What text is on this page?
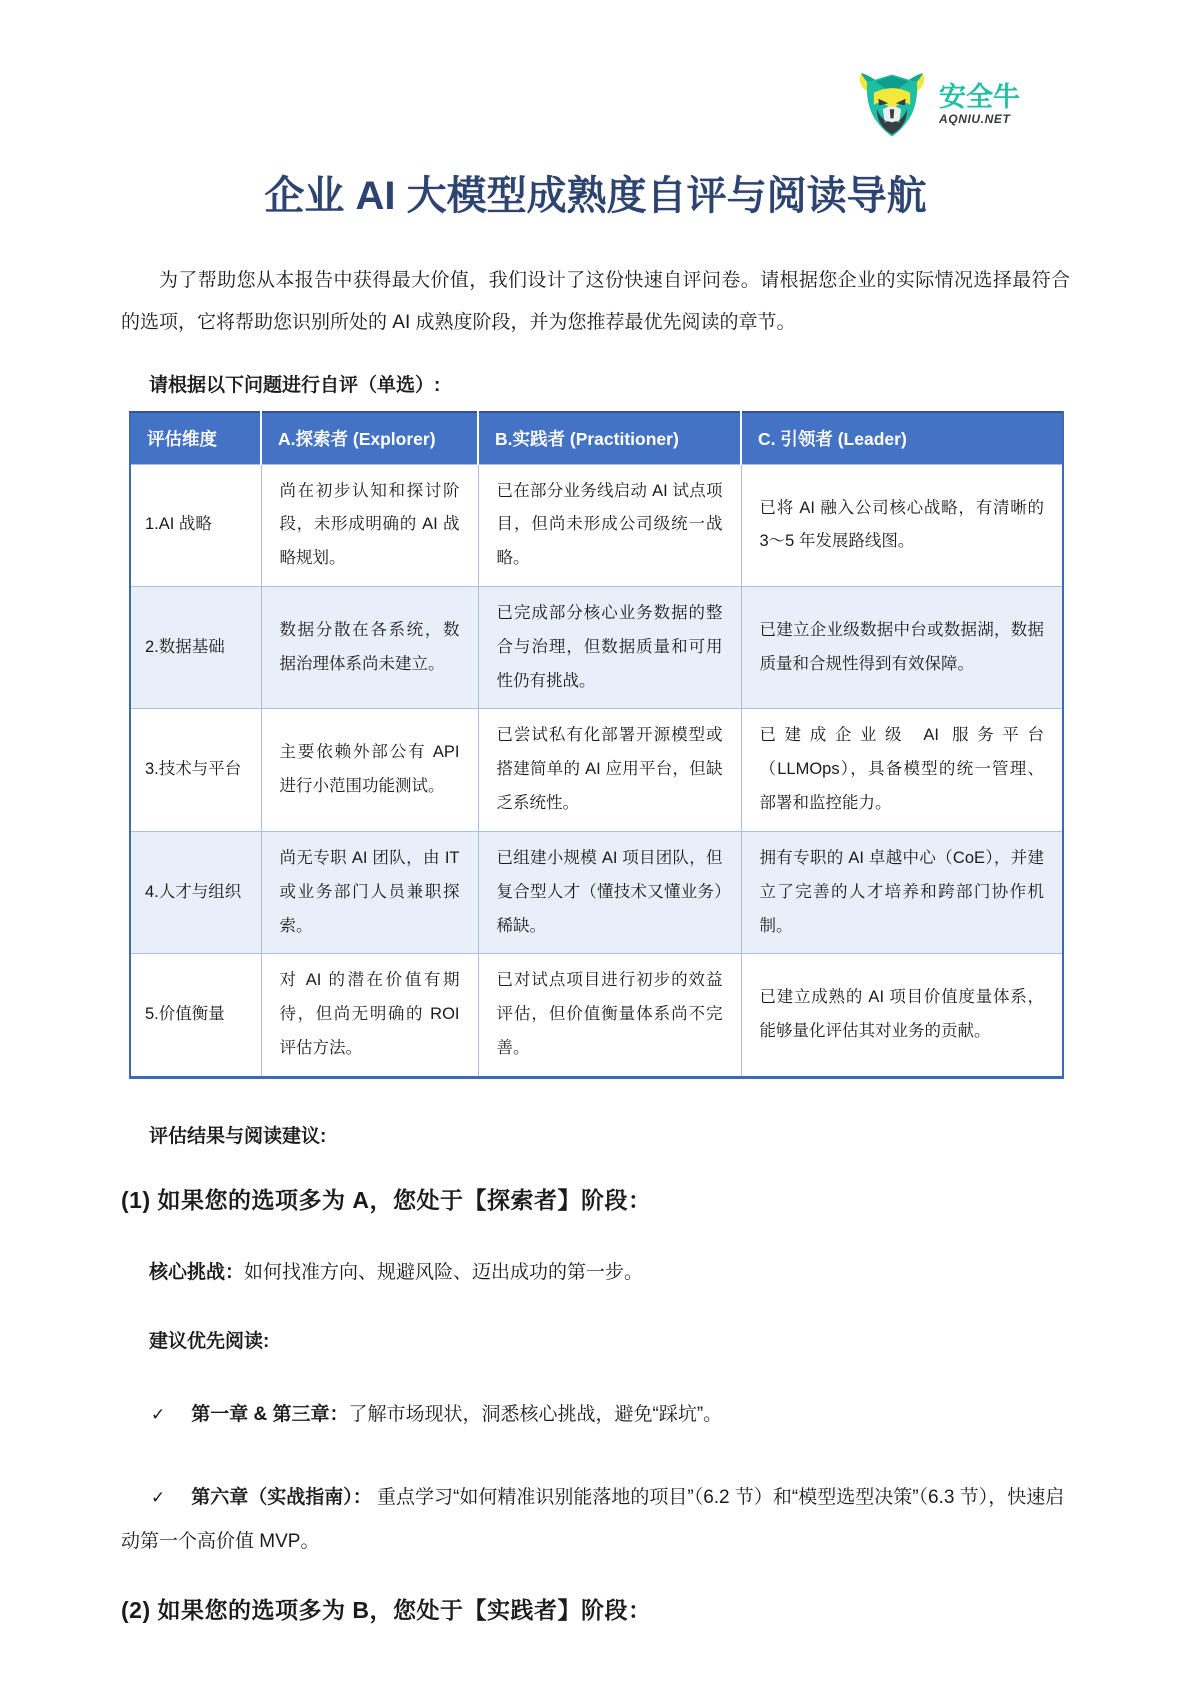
安全牛
AQNIU.NET
企业 AI 大模型成熟度自评与阅读导航

为了帮助您从本报告中获得最大价值，我们设计了这份快速自评问卷。请根据您企业的实际情况选择最符合的选项，它将帮助您识别所处的 AI 成熟度阶段，并为您推荐最优先阅读的章节。

请根据以下问题进行自评（单选）:

评估维度	A.探索者 (Explorer)	B.实践者 (Practitioner)	C. 引领者 (Leader)
1.AI 战略	尚在初步认知和探讨阶段，未形成明确的 AI 战略规划。	已在部分业务线启动 AI 试点项目，但尚未形成公司级统一战略。	已将 AI 融入公司核心战略，有清晰的 3～5 年发展路线图。
2.数据基础	数据分散在各系统，数据治理体系尚未建立。	已完成部分核心业务数据的整合与治理，但数据质量和可用性仍有挑战。	已建立企业级数据中台或数据湖，数据质量和合规性得到有效保障。
3.技术与平台	主要依赖外部公有 API 进行小范围功能测试。	已尝试私有化部署开源模型或搭建简单的 AI 应用平台，但缺乏系统性。	已建成企业级 AI 服务平台（LLMOps），具备模型的统一管理、部署和监控能力。
4.人才与组织	尚无专职 AI 团队，由 IT 或业务部门人员兼职探索。	已组建小规模 AI 项目团队，但复合型人才（懂技术又懂业务）稀缺。	拥有专职的 AI 卓越中心（CoE），并建立了完善的人才培养和跨部门协作机制。
5.价值衡量	对 AI 的潜在价值有期待，但尚无明确的 ROI 评估方法。	已对试点项目进行初步的效益评估，但价值衡量体系尚不完善。	已建立成熟的 AI 项目价值度量体系，能够量化评估其对业务的贡献。

评估结果与阅读建议:

(1) 如果您的选项多为 A，您处于【探索者】阶段：

核心挑战：如何找准方向、规避风险、迈出成功的第一步。

建议优先阅读:

✓ 第一章 & 第三章：了解市场现状，洞悉核心挑战，避免“踩坑”。

✓ 第六章（实战指南）： 重点学习“如何精准识别能落地的项目”（6.2 节）和“模型选型决策”（6.3 节），快速启动第一个高价值 MVP。

(2) 如果您的选项多为 B，您处于【实践者】阶段：
